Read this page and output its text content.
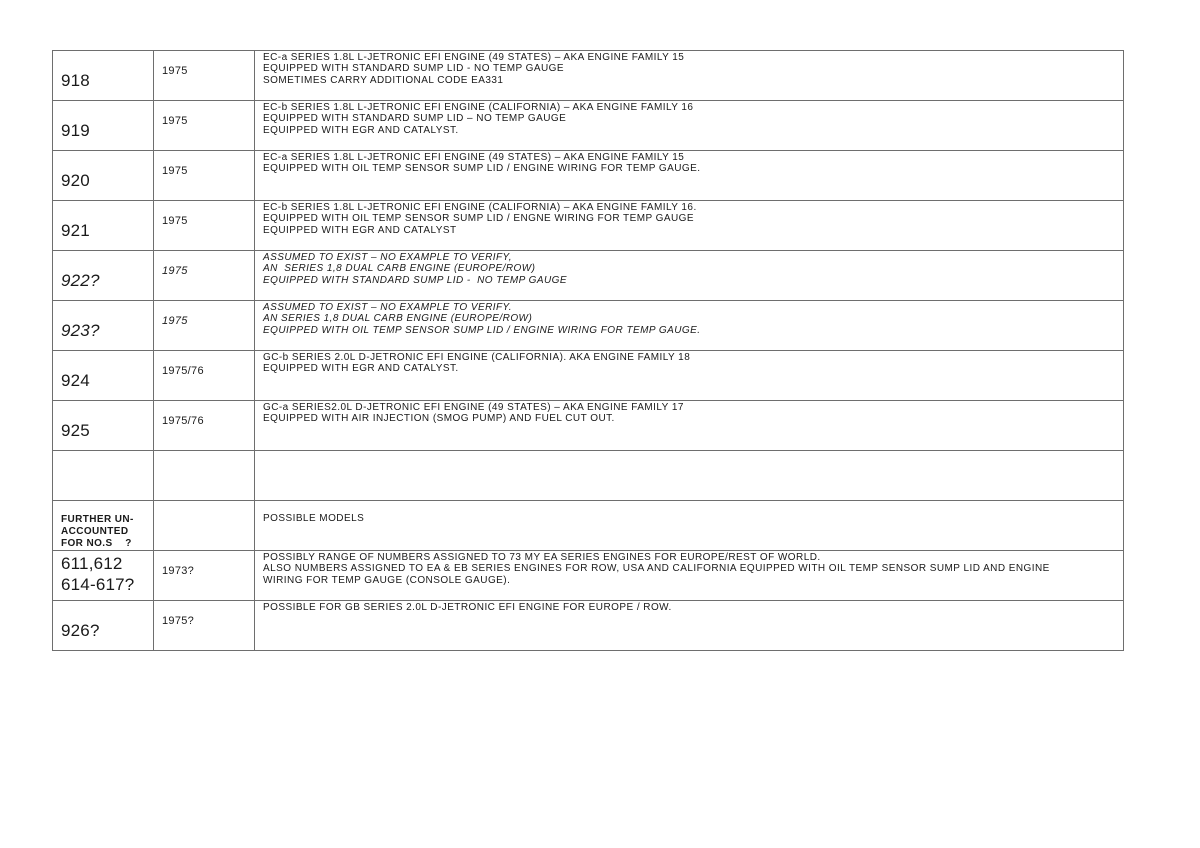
918	1975	EC-a SERIES 1.8L L-JETRONIC EFI ENGINE (49 STATES) – AKA ENGINE FAMILY 15
EQUIPPED WITH STANDARD SUMP LID - NO TEMP GAUGE
SOMETIMES CARRY ADDITIONAL CODE EA331

919	1975	EC-b SERIES 1.8L L-JETRONIC EFI ENGINE (CALIFORNIA) – AKA ENGINE FAMILY 16
EQUIPPED WITH STANDARD SUMP LID – NO TEMP GAUGE
EQUIPPED WITH EGR AND CATALYST.

920	1975	EC-a SERIES 1.8L L-JETRONIC EFI ENGINE (49 STATES) – AKA ENGINE FAMILY 15
EQUIPPED WITH OIL TEMP SENSOR SUMP LID / ENGINE WIRING FOR TEMP GAUGE.

921	1975	EC-b SERIES 1.8L L-JETRONIC EFI ENGINE (CALIFORNIA) – AKA ENGINE FAMILY 16.
EQUIPPED WITH OIL TEMP SENSOR SUMP LID / ENGNE WIRING FOR TEMP GAUGE
EQUIPPED WITH EGR AND CATALYST

922?	1975	ASSUMED TO EXIST – NO EXAMPLE TO VERIFY,
AN  SERIES 1,8 DUAL CARB ENGINE (EUROPE/ROW)
EQUIPPED WITH STANDARD SUMP LID -  NO TEMP GAUGE

923?	1975	ASSUMED TO EXIST – NO EXAMPLE TO VERIFY.
AN SERIES 1,8 DUAL CARB ENGINE (EUROPE/ROW)
EQUIPPED WITH OIL TEMP SENSOR SUMP LID / ENGINE WIRING FOR TEMP GAUGE.

924	1975/76	GC-b SERIES 2.0L D-JETRONIC EFI ENGINE (CALIFORNIA). AKA ENGINE FAMILY 18
EQUIPPED WITH EGR AND CATALYST.

925	1975/76	GC-a SERIES2.0L D-JETRONIC EFI ENGINE (49 STATES) – AKA ENGINE FAMILY 17
EQUIPPED WITH AIR INJECTION (SMOG PUMP) AND FUEL CUT OUT.

FURTHER UN-
ACCOUNTED
FOR NO.S    ?		POSSIBLE MODELS

611,612
614-617?	1973?	POSSIBLY RANGE OF NUMBERS ASSIGNED TO 73 MY EA SERIES ENGINES FOR EUROPE/REST OF WORLD.
ALSO NUMBERS ASSIGNED TO EA & EB SERIES ENGINES FOR ROW, USA AND CALIFORNIA EQUIPPED WITH OIL TEMP SENSOR SUMP LID AND ENGINE
WIRING FOR TEMP GAUGE (CONSOLE GAUGE).

926?	1975?	POSSIBLE FOR GB SERIES 2.0L D-JETRONIC EFI ENGINE FOR EUROPE / ROW.
